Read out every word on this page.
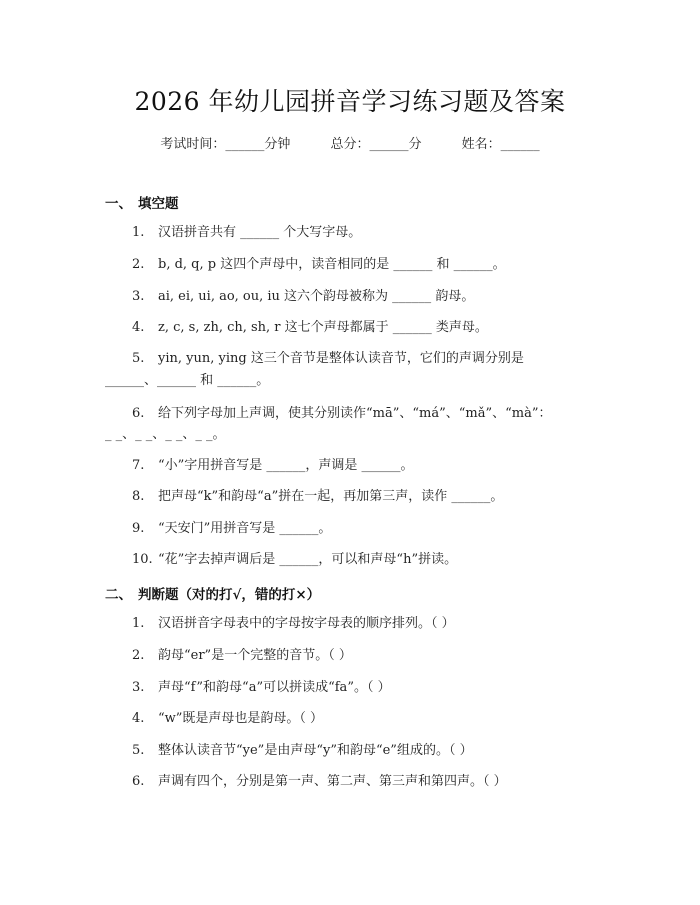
2026 年幼儿园拼音学习练习题及答案
考试时间：______分钟	总分：______分	姓名：______
一、 填空题
1. 汉语拼音共有 ______ 个大写字母。
2. b, d, q, p 这四个声母中，读音相同的是 ______ 和 ______。
3. ai, ei, ui, ao, ou, iu 这六个韵母被称为 ______ 韵母。
4. z, c, s, zh, ch, sh, r 这七个声母都属于 ______ 类声母。
5. yin, yun, ying 这三个音节是整体认读音节，它们的声调分别是
______、______ 和 ______。
6. 给下列字母加上声调，使其分别读作“mā”、“má”、“mǎ”、“mà”：
_ _、_ _、_ _、_ _。
7. “小”字用拼音写是 ______，声调是 ______。
8. 把声母“k”和韵母“a”拼在一起，再加第三声，读作 ______。
9. “天安门”用拼音写是 ______。
10. “花”字去掉声调后是 ______，可以和声母“h”拼读。
二、 判断题（对的打√，错的打×）
1. 汉语拼音字母表中的字母按字母表的顺序排列。（ ）
2. 韵母“er”是一个完整的音节。（ ）
3. 声母“f”和韵母“a”可以拼读成“fa”。（ ）
4. “w”既是声母也是韵母。（ ）
5. 整体认读音节“ye”是由声母“y”和韵母“e”组成的。（ ）
6. 声调有四个，分别是第一声、第二声、第三声和第四声。（ ）
